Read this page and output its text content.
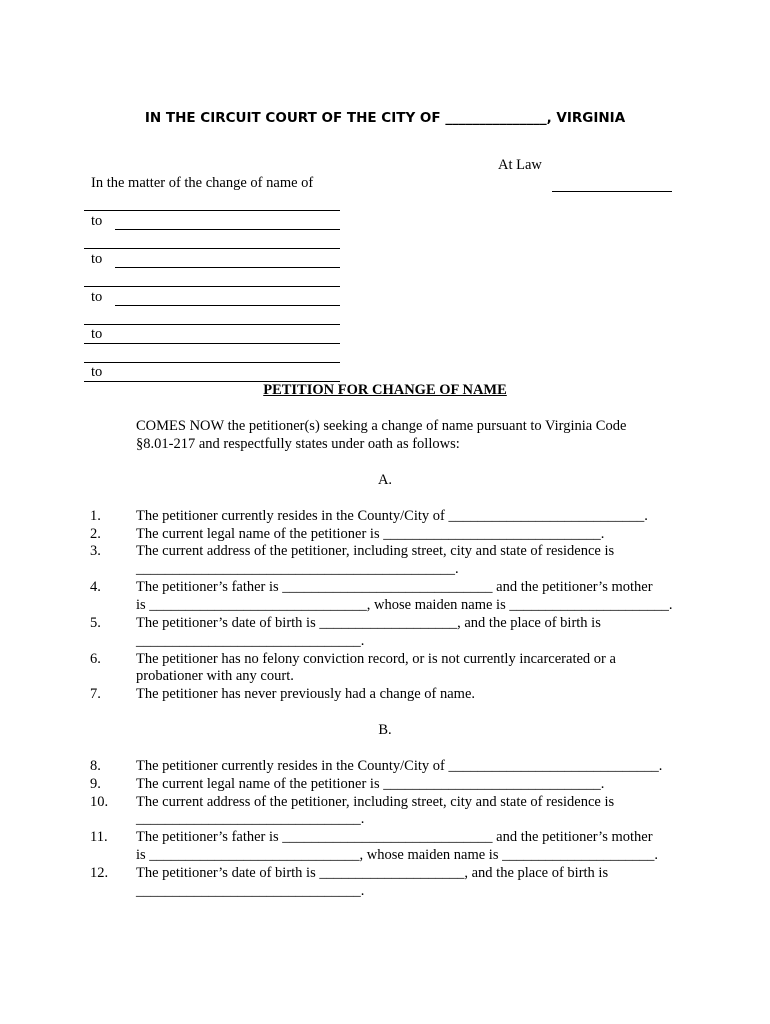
IN THE CIRCUIT COURT OF THE CITY OF _______________, VIRGINIA
At Law
In the matter of the change of name of
to
to
to
to
to
PETITION FOR CHANGE OF NAME
COMES NOW the petitioner(s) seeking a change of name pursuant to Virginia Code
§8.01-217 and respectfully states under oath as follows:
A.
1. The petitioner currently resides in the County/City of ___________________________.
2. The current legal name of the petitioner is ______________________________.
3. The current address of the petitioner, including street, city and state of residence is
____________________________________________.
4. The petitioner’s father is _____________________________ and the petitioner’s mother
is ______________________________, whose maiden name is ______________________.
5. The petitioner’s date of birth is ___________________, and the place of birth is
_______________________________.
6. The petitioner has no felony conviction record, or is not currently incarcerated or a
probationer with any court.
7. The petitioner has never previously had a change of name.
B.
8. The petitioner currently resides in the County/City of _____________________________.
9. The current legal name of the petitioner is ______________________________.
10. The current address of the petitioner, including street, city and state of residence is
_______________________________.
11. The petitioner’s father is _____________________________ and the petitioner’s mother
is _____________________________, whose maiden name is _____________________.
12. The petitioner’s date of birth is ____________________, and the place of birth is
_______________________________.
